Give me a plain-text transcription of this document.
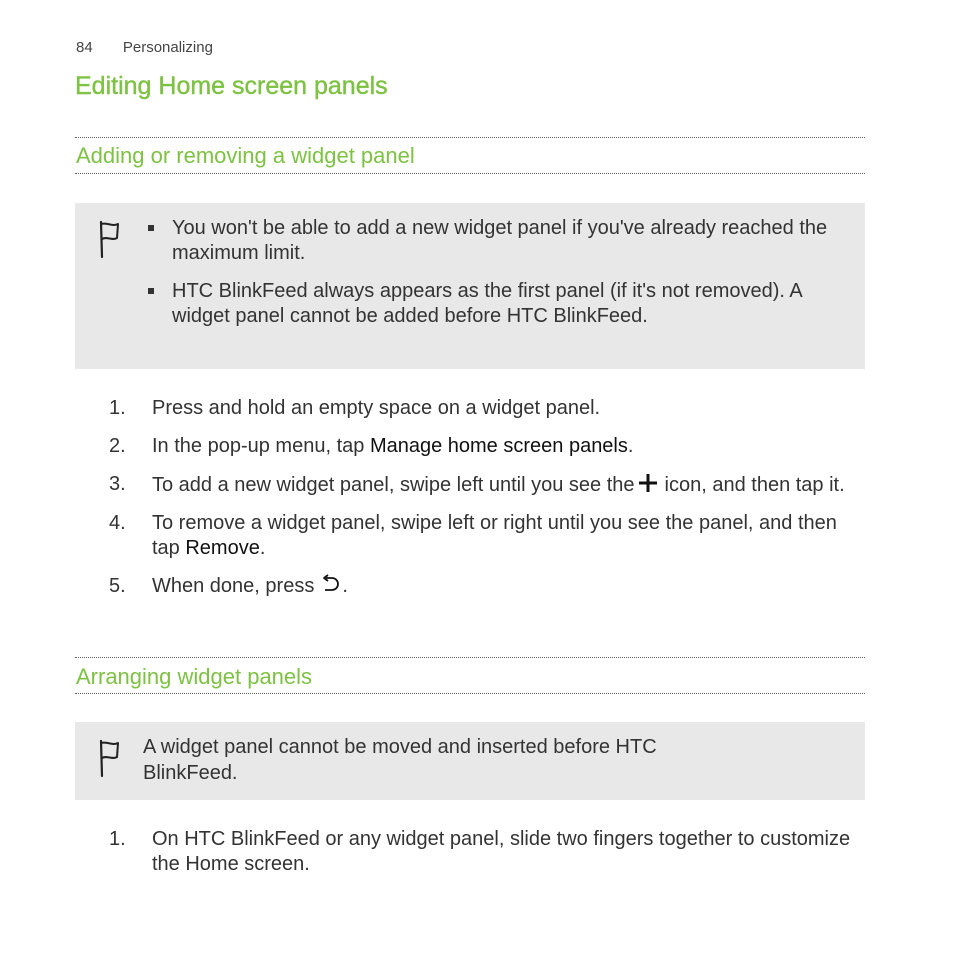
84 Personalizing
Editing Home screen panels
Adding or removing a widget panel
You won't be able to add a new widget panel if you've already reached the maximum limit.
HTC BlinkFeed always appears as the first panel (if it's not removed). A widget panel cannot be added before HTC BlinkFeed.
1. Press and hold an empty space on a widget panel.
2. In the pop-up menu, tap Manage home screen panels.
3. To add a new widget panel, swipe left until you see the icon, and then tap it.
4. To remove a widget panel, swipe left or right until you see the panel, and then tap Remove.
5. When done, press .
Arranging widget panels
A widget panel cannot be moved and inserted before HTC BlinkFeed.
1. On HTC BlinkFeed or any widget panel, slide two fingers together to customize the Home screen.
